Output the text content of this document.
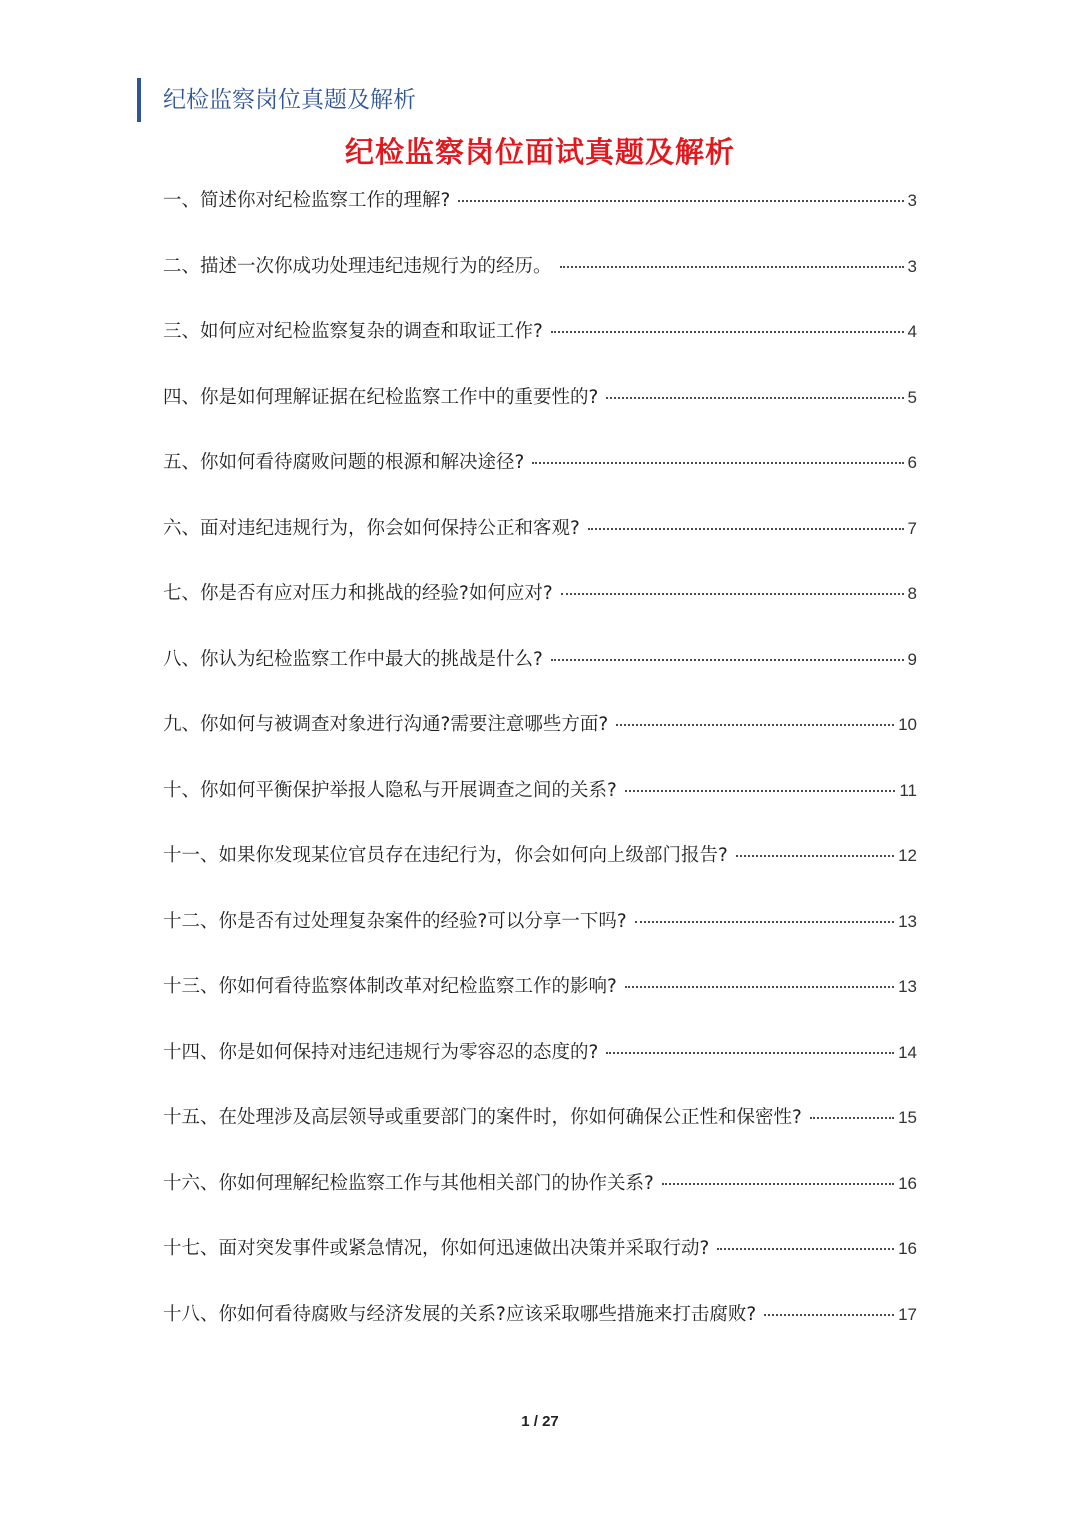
纪检监察岗位真题及解析
纪检监察岗位面试真题及解析
一、简述你对纪检监察工作的理解?	3
二、描述一次你成功处理违纪违规行为的经历。	3
三、如何应对纪检监察复杂的调查和取证工作?	4
四、你是如何理解证据在纪检监察工作中的重要性的?	5
五、你如何看待腐败问题的根源和解决途径?	6
六、面对违纪违规行为，你会如何保持公正和客观?	7
七、你是否有应对压力和挑战的经验?如何应对?	8
八、你认为纪检监察工作中最大的挑战是什么?	9
九、你如何与被调查对象进行沟通?需要注意哪些方面?	10
十、你如何平衡保护举报人隐私与开展调查之间的关系?	11
十一、如果你发现某位官员存在违纪行为，你会如何向上级部门报告?	12
十二、你是否有过处理复杂案件的经验?可以分享一下吗?	13
十三、你如何看待监察体制改革对纪检监察工作的影响?	13
十四、你是如何保持对违纪违规行为零容忍的态度的?	14
十五、在处理涉及高层领导或重要部门的案件时，你如何确保公正性和保密性?	15
十六、你如何理解纪检监察工作与其他相关部门的协作关系?	16
十七、面对突发事件或紧急情况，你如何迅速做出决策并采取行动?	16
十八、你如何看待腐败与经济发展的关系?应该采取哪些措施来打击腐败?	17
1 / 27
